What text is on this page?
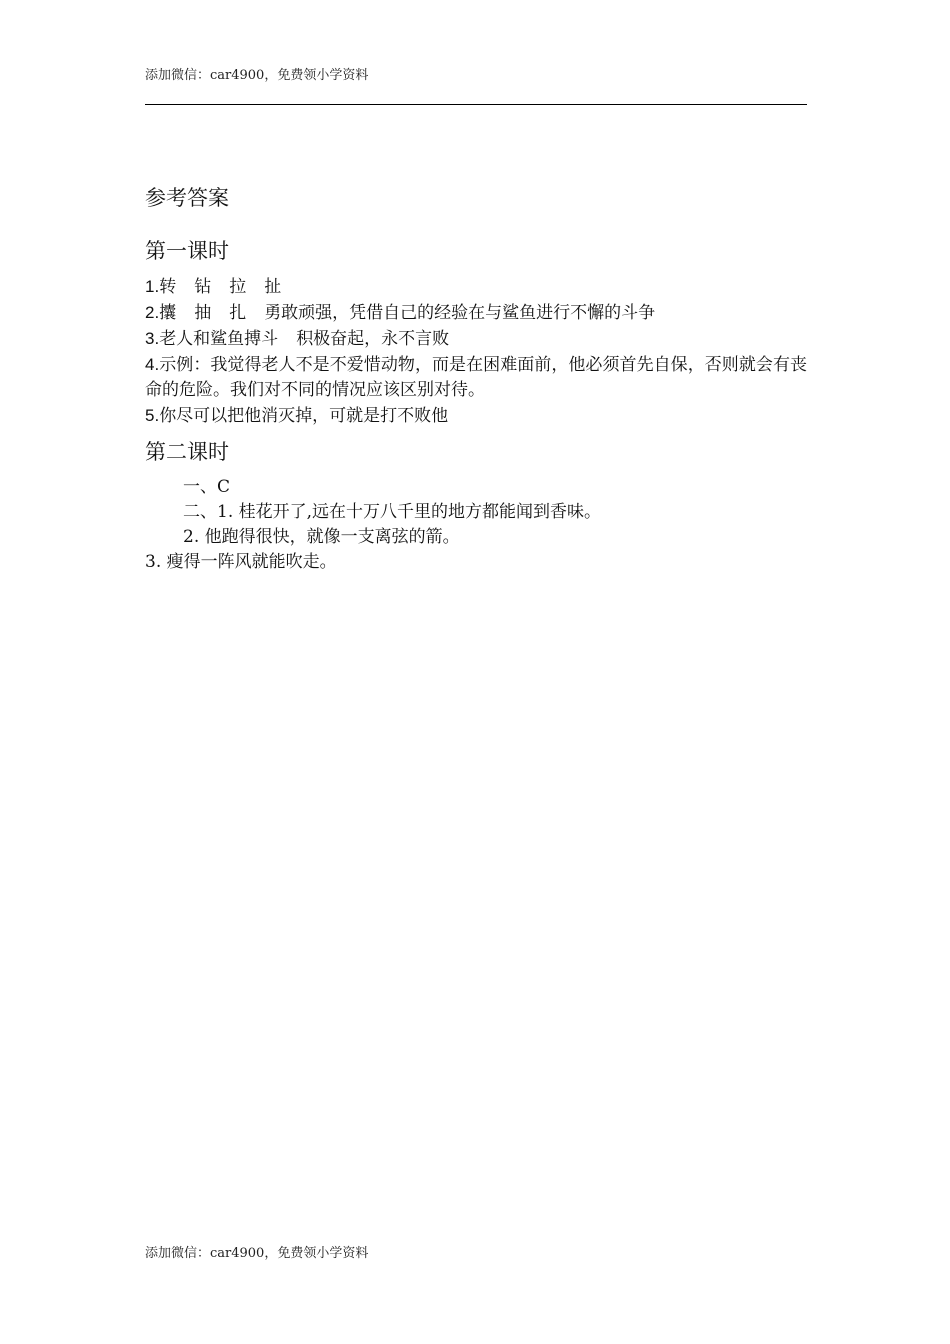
添加微信：car4900，免费领小学资料
参考答案
第一课时
1.转 钻 拉 扯
2.攮 抽 扎 勇敢顽强，凭借自己的经验在与鲨鱼进行不懈的斗争
3.老人和鲨鱼搏斗 积极奋起，永不言败
4.示例：我觉得老人不是不爱惜动物，而是在困难面前，他必须首先自保，否则就会有丧命的危险。我们对不同的情况应该区别对待。
5.你尽可以把他消灭掉，可就是打不败他
第二课时
一、C
二、1. 桂花开了,远在十万八千里的地方都能闻到香味。
2. 他跑得很快，就像一支离弦的箭。
3. 瘦得一阵风就能吹走。
添加微信：car4900，免费领小学资料
